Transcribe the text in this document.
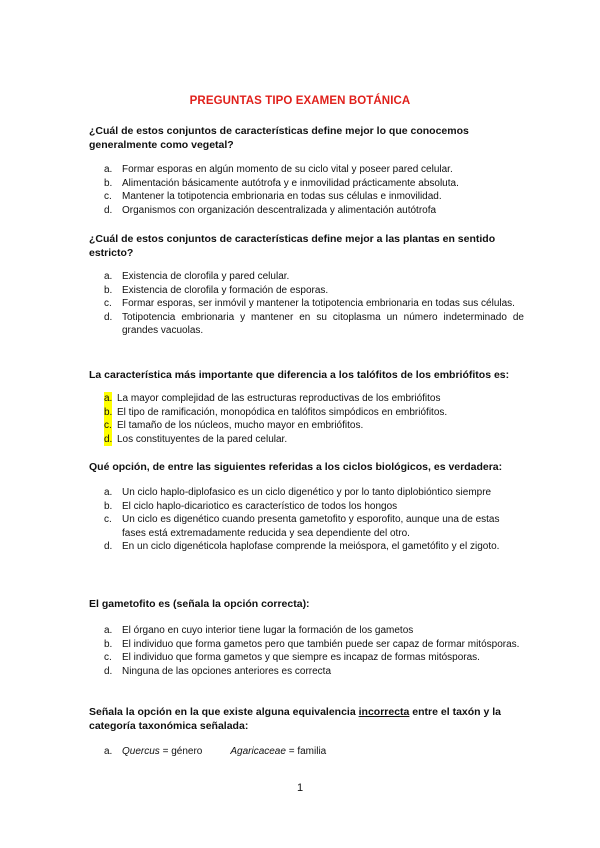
PREGUNTAS TIPO EXAMEN BOTÁNICA
¿Cuál de estos conjuntos de características define mejor lo que conocemos generalmente como vegetal?
a. Formar esporas en algún momento de su ciclo vital y poseer pared celular.
b. Alimentación básicamente autótrofa y e inmovilidad prácticamente absoluta.
c. Mantener la totipotencia embrionaria en todas sus células e inmovilidad.
d. Organismos con organización descentralizada y alimentación autótrofa
¿Cuál de estos conjuntos de características define mejor a las plantas en sentido estricto?
a. Existencia de clorofila y pared celular.
b. Existencia de clorofila y formación de esporas.
c. Formar esporas, ser inmóvil y mantener la totipotencia embrionaria en todas sus células.
d. Totipotencia embrionaria y mantener en su citoplasma un número indeterminado de grandes vacuolas.
La característica más importante que diferencia a los talófitos de los embriófitos es:
a. La mayor complejidad de las estructuras reproductivas de los embriófitos
b. El tipo de ramificación, monopódica en talófitos simpódicos en embriófitos.
c. El tamaño de los núcleos, mucho mayor en embriófitos.
d. Los constituyentes de la pared celular.
Qué opción, de entre las siguientes referidas a los ciclos biológicos, es verdadera:
a. Un ciclo haplo-diplofasico es un ciclo digenético y por lo tanto diplobióntico siempre
b. El ciclo haplo-dicariotico es característico de todos los hongos
c. Un ciclo es digenético cuando presenta gametofito y esporofito, aunque una de estas fases está extremadamente reducida y sea dependiente del otro.
d. En un ciclo digenéticola haplofase comprende la meióspora, el gametófito y el zigoto.
El gametofito es (señala la opción correcta):
a. El órgano en cuyo interior tiene lugar la formación de los gametos
b. El individuo que forma gametos pero que también puede ser capaz de formar mitósporas.
c. El individuo que forma gametos y que siempre es incapaz de formas mitósporas.
d. Ninguna de las opciones anteriores es correcta
Señala la opción en la que existe alguna equivalencia incorrecta entre el taxón y la categoría taxonómica señalada:
a. Quercus = género	Agaricaceae = familia
1
